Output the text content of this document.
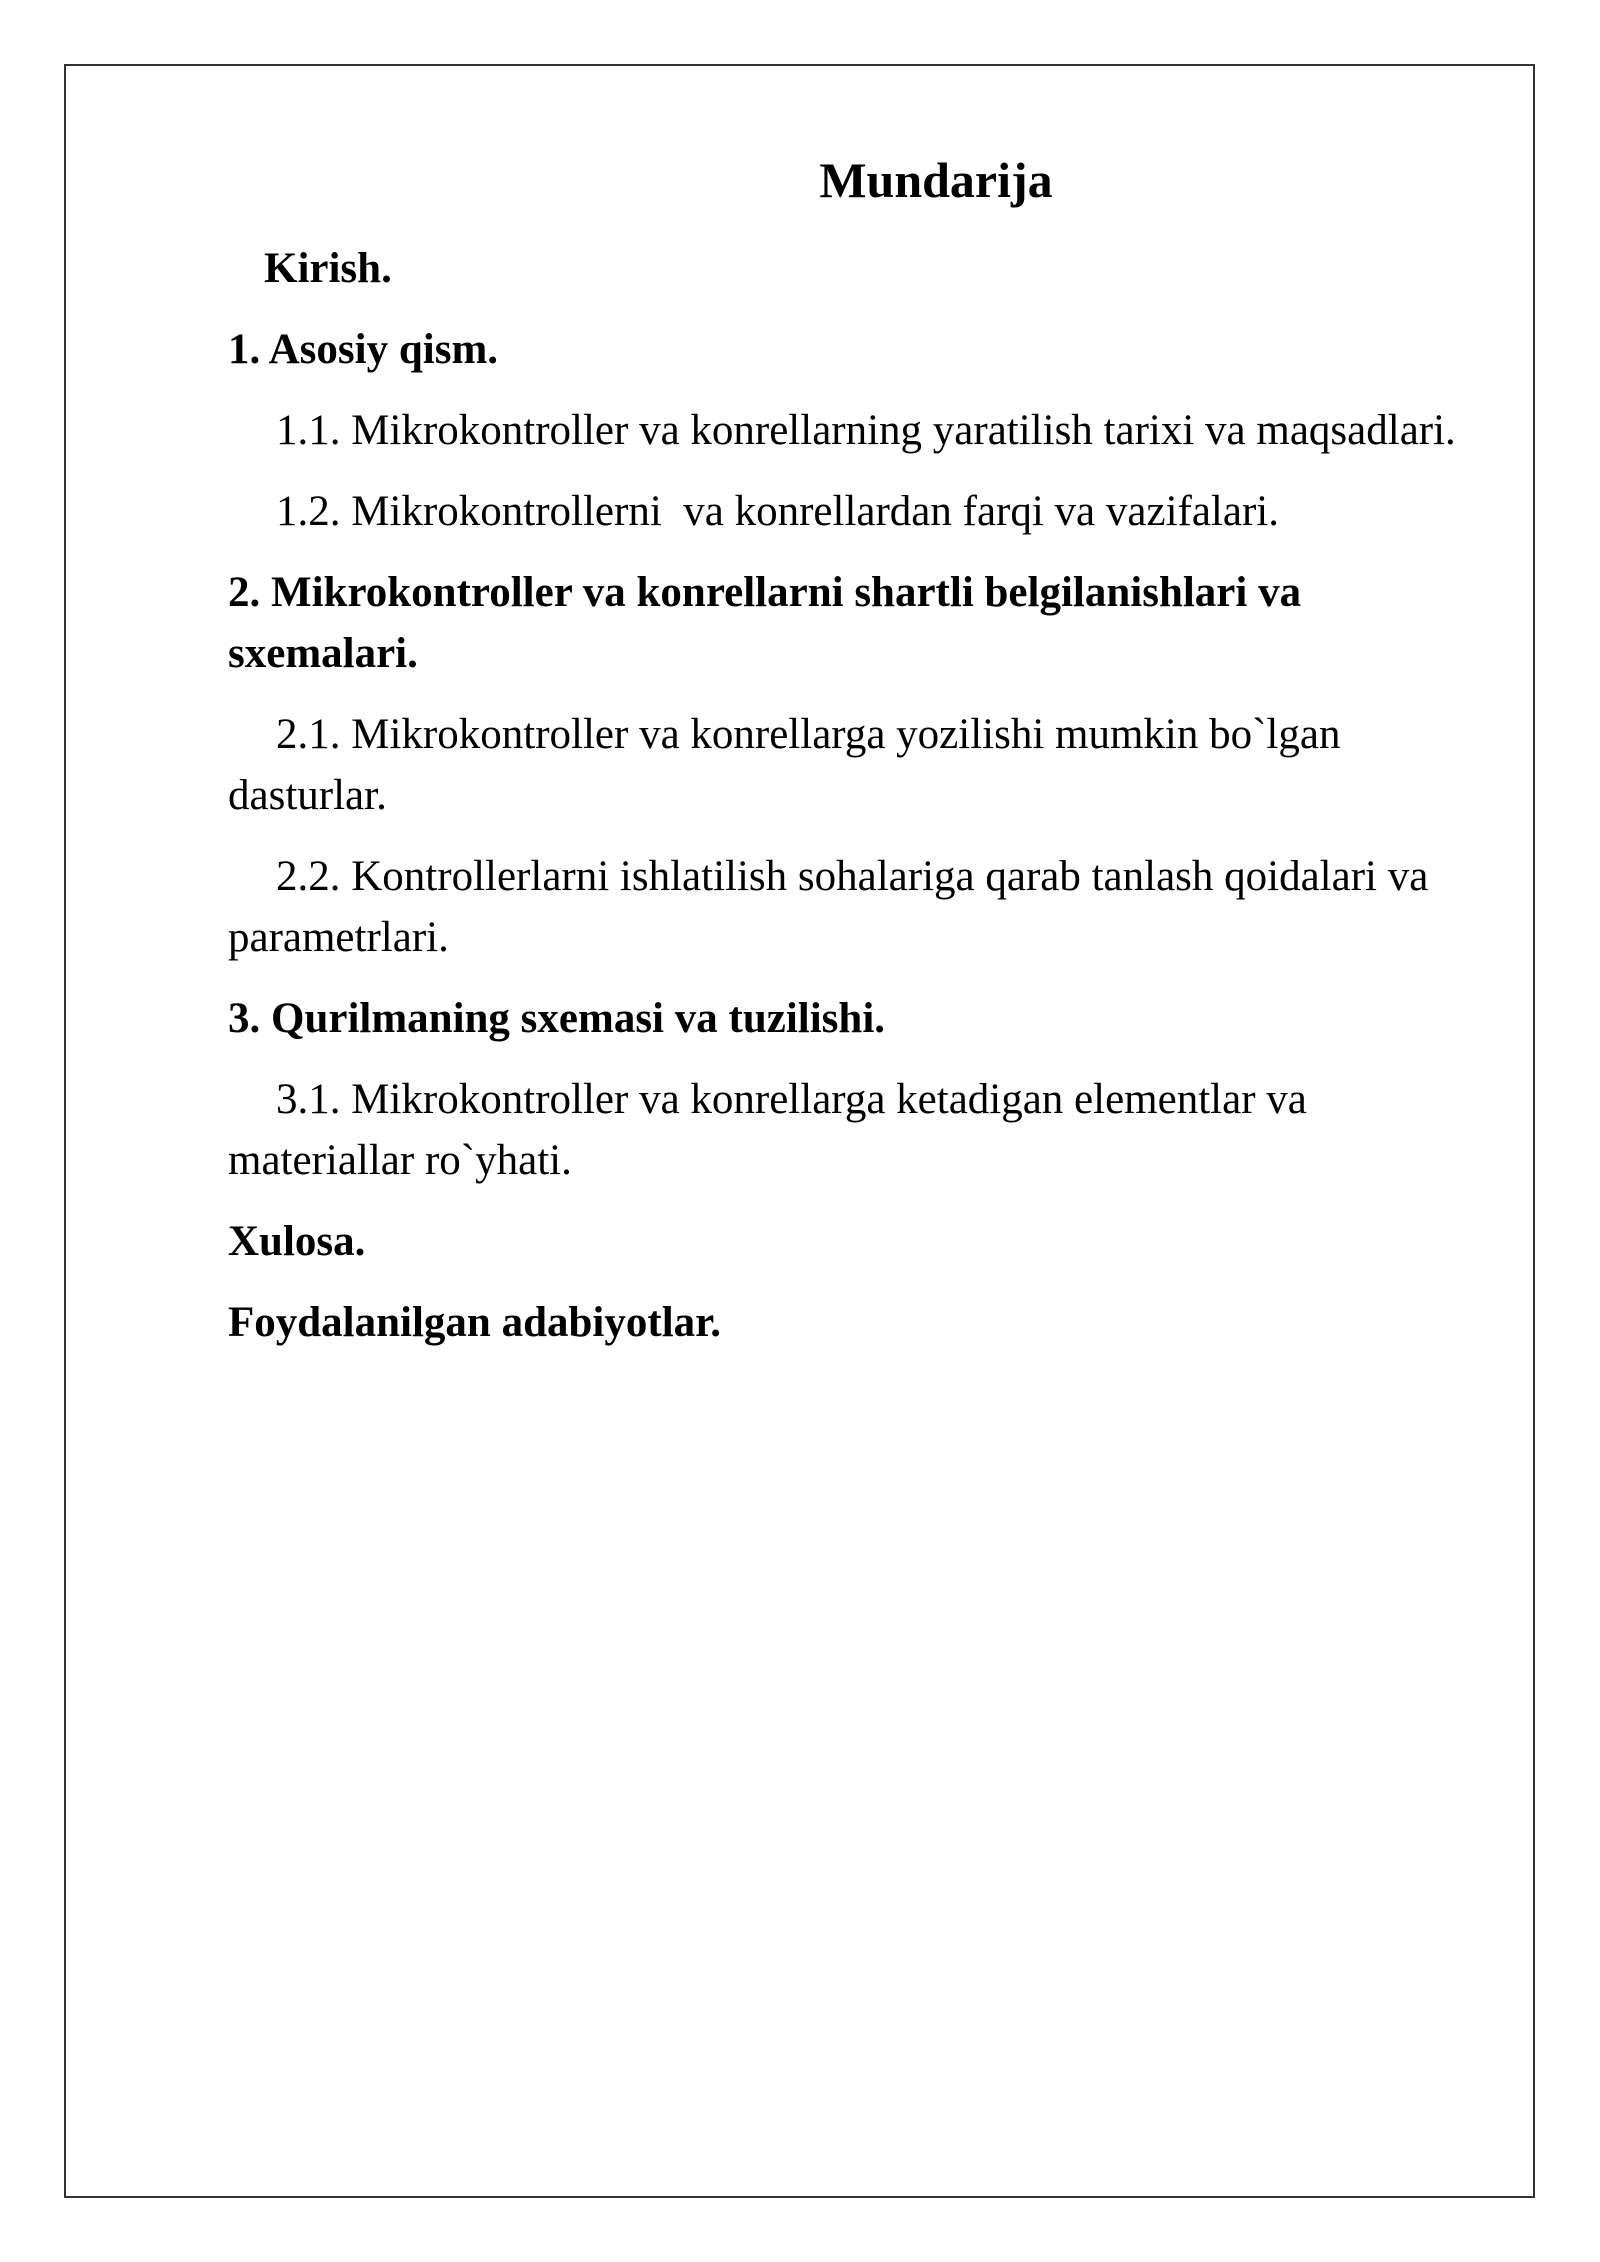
Mundarija
Kirish.
1. Asosiy qism.
1.1. Mikrokontroller va konrellarning yaratilish tarixi va maqsadlari.
1.2. Mikrokontrollerni  va konrellardan farqi va vazifalari.
2. Mikrokontroller va konrellarni shartli belgilanishlari va sxemalari.
2.1. Mikrokontroller va konrellarga yozilishi mumkin bo`lgan dasturlar.
2.2. Kontrollerlarni ishlatilish sohalariga qarab tanlash qoidalari va parametrlari.
3. Qurilmaning sxemasi va tuzilishi.
3.1. Mikrokontroller va konrellarga ketadigan elementlar va materiallar ro`yhati.
Xulosa.
Foydalanilgan adabiyotlar.
